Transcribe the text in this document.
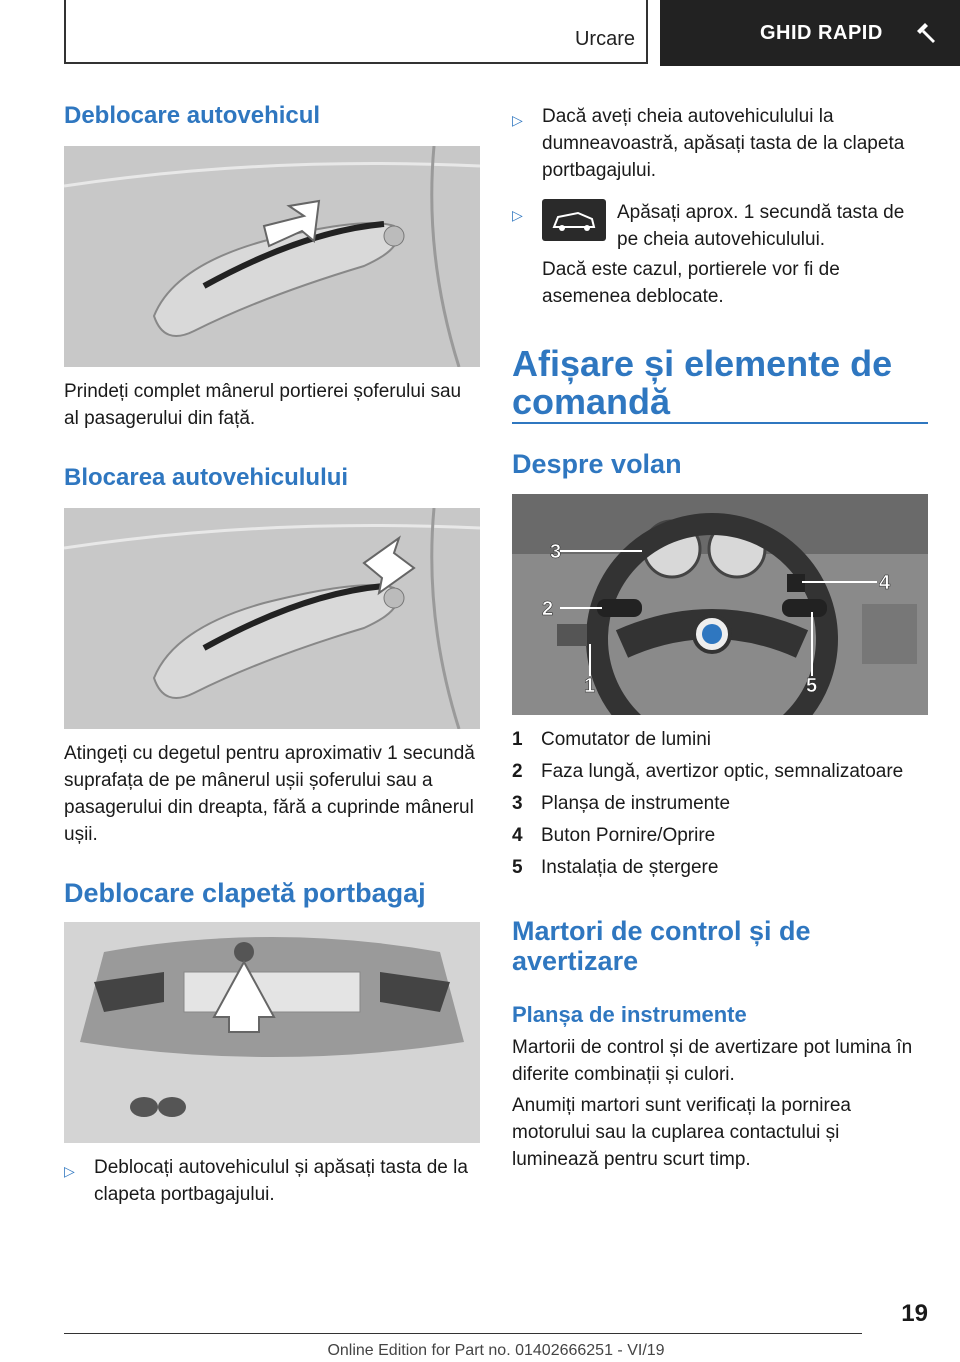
Urcare	GHID RAPID
Deblocare autovehicul
Prindeți complet mânerul portierei șoferului sau al pasagerului din față.
Blocarea autovehiculului
Atingeți cu degetul pentru aproximativ 1 secundă suprafața de pe mânerul ușii șoferului sau a pasagerului din dreapta, fără a cuprinde mânerul ușii.
Deblocare clapetă portbagaj
▷ Deblocați autovehiculul și apăsați tasta de la clapeta portbagajului.
▷ Dacă aveți cheia autovehiculului la dumneavoastră, apăsați tasta de la clapeta portbagajului.
▷	Apăsați aprox. 1 secundă tasta de pe cheia autovehiculului.
Dacă este cazul, portierele vor fi de asemenea deblocate.
Afișare și elemente de comandă
Despre volan
3
2
1
4
5
1 Comutator de lumini
2 Faza lungă, avertizor optic, semnalizatoare
3 Planșa de instrumente
4 Buton Pornire/Oprire
5 Instalația de ștergere
Martori de control și de avertizare
Planșa de instrumente
Martorii de control și de avertizare pot lumina în diferite combinații și culori.
Anumiți martori sunt verificați la pornirea motorului sau la cuplarea contactului și luminează pentru scurt timp.
19
Online Edition for Part no. 01402666251 - VI/19
